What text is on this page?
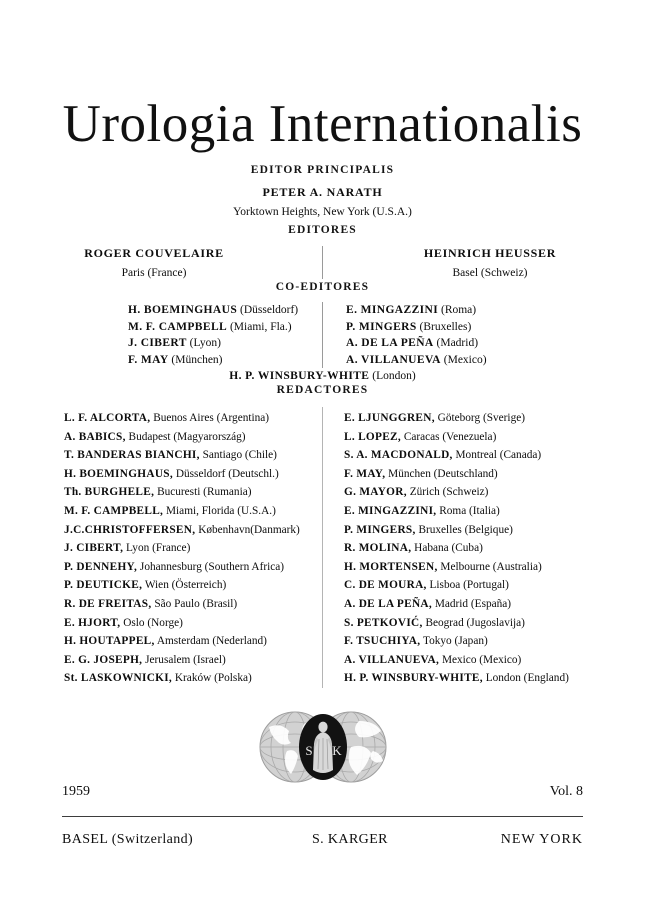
Urologia Internationalis
EDITOR PRINCIPALIS
PETER A. NARATH
Yorktown Heights, New York (U.S.A.)
EDITORES
ROGER COUVELAIRE
Paris (France)
HEINRICH HEUSSER
Basel (Schweiz)
CO-EDITORES
H. BOEMINGHAUS (Düsseldorf)
M. F. CAMPBELL (Miami, Fla.)
J. CIBERT (Lyon)
F. MAY (München)
E. MINGAZZINI (Roma)
P. MINGERS (Bruxelles)
A. DE LA PEÑA (Madrid)
A. VILLANUEVA (Mexico)
H. P. WINSBURY-WHITE (London)
REDACTORES
L. F. ALCORTA, Buenos Aires (Argentina)
A. BABICS, Budapest (Magyarország)
T. BANDERAS BIANCHI, Santiago (Chile)
H. BOEMINGHAUS, Düsseldorf (Deutschl.)
Th. BURGHELE, Bucuresti (Rumania)
M. F. CAMPBELL, Miami, Florida (U.S.A.)
J.C.CHRISTOFFERSEN, København(Danmark)
J. CIBERT, Lyon (France)
P. DENNEHY, Johannesburg (Southern Africa)
P. DEUTICKE, Wien (Österreich)
R. DE FREITAS, São Paulo (Brasil)
E. HJORT, Oslo (Norge)
H. HOUTAPPEL, Amsterdam (Nederland)
E. G. JOSEPH, Jerusalem (Israel)
St. LASKOWNICKI, Kraków (Polska)
E. LJUNGGREN, Göteborg (Sverige)
L. LOPEZ, Caracas (Venezuela)
S. A. MACDONALD, Montreal (Canada)
F. MAY, München (Deutschland)
G. MAYOR, Zürich (Schweiz)
E. MINGAZZINI, Roma (Italia)
P. MINGERS, Bruxelles (Belgique)
R. MOLINA, Habana (Cuba)
H. MORTENSEN, Melbourne (Australia)
C. DE MOURA, Lisboa (Portugal)
A. DE LA PEÑA, Madrid (España)
S. PETKOVIĆ, Beograd (Jugoslavija)
F. TSUCHIYA, Tokyo (Japan)
A. VILLANUEVA, Mexico (Mexico)
H. P. WINSBURY-WHITE, London (England)
S K
1959	Vol. 8
BASEL (Switzerland)	S. KARGER	NEW YORK
